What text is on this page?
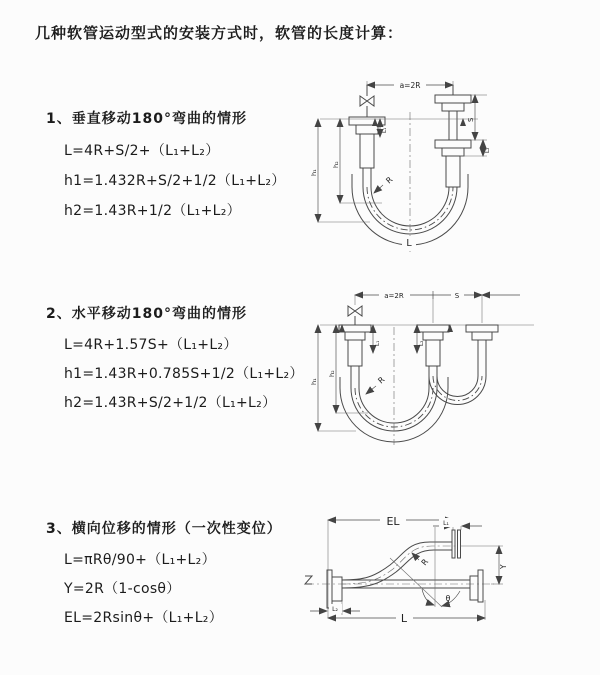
几种软管运动型式的安装方式时，软管的长度计算：
1、垂直移动180°弯曲的情形
L=4R+S/2+（L₁+L₂）
h1=1.432R+S/2+1/2（L₁+L₂）
h2=1.43R+1/2（L₁+L₂）
2、水平移动180°弯曲的情形
L=4R+1.57S+（L₁+L₂）
h1=1.43R+0.785S+1/2（L₁+L₂）
h2=1.43R+S/2+1/2（L₁+L₂）
3、横向位移的情形（一次性变位）
L=πRθ/90+（L₁+L₂）
Y=2R（1-cosθ）
EL=2Rsinθ+（L₁+L₂）
a=2R
h₁
h₂
L₁
S
L₂
R
L
a=2R	S
h₁
h₂
L₁	L₂
R
EL	L₁
Y
θ
R
L₂
L
